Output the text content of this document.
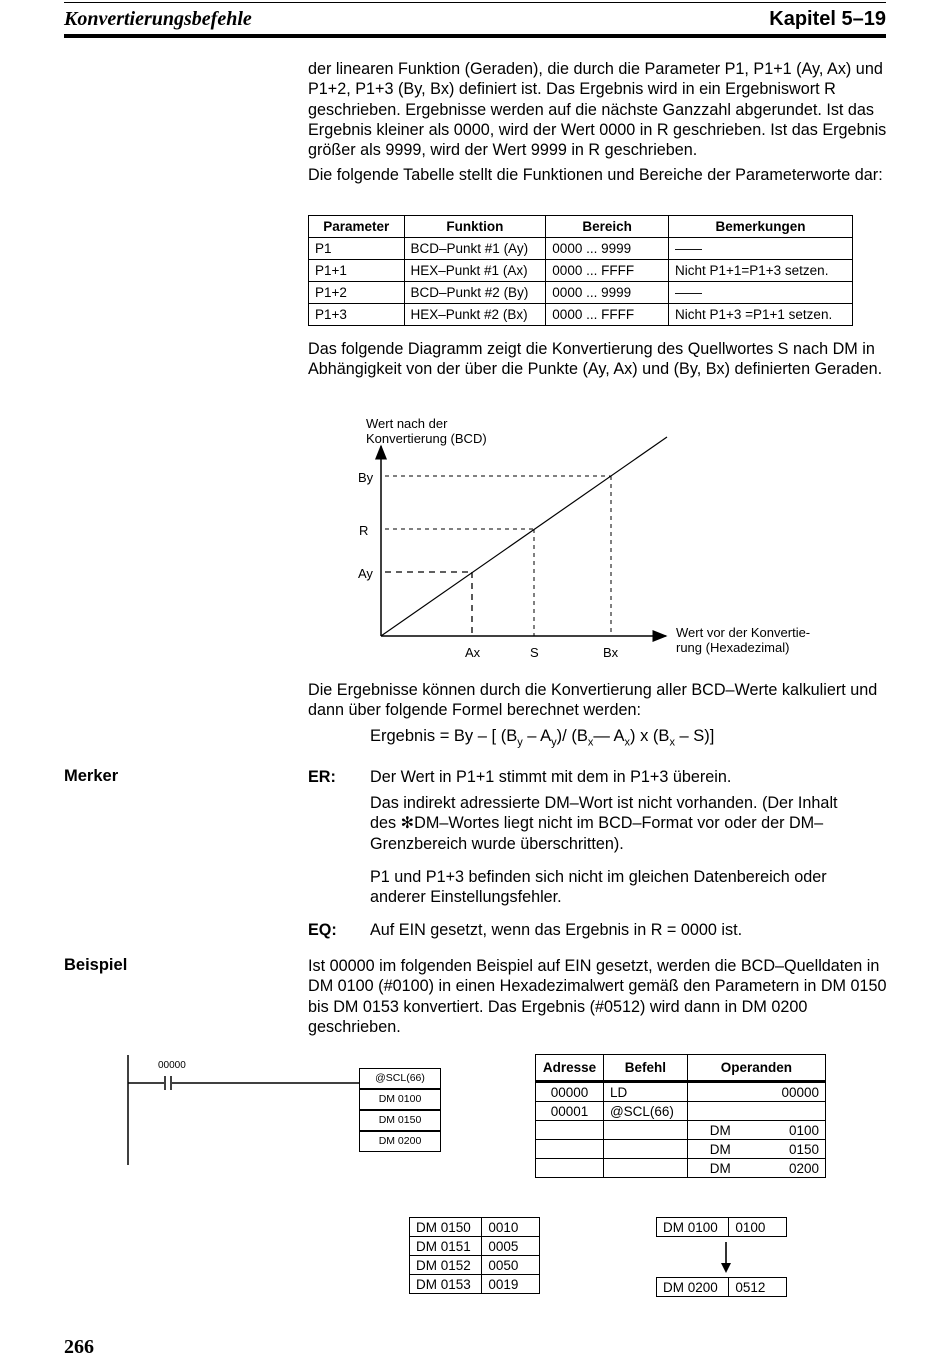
Konvertierungsbefehle	Kapitel 5–19
der linearen Funktion (Geraden), die durch die Parameter P1, P1+1 (Ay, Ax) und P1+2, P1+3 (By, Bx) definiert ist. Das Ergebnis wird in ein Ergebniswort R geschrieben. Ergebnisse werden auf die nächste Ganzzahl abgerundet. Ist das Ergebnis kleiner als 0000, wird der Wert 0000 in R geschrieben. Ist das Ergebnis größer als 9999, wird der Wert 9999 in R geschrieben.
Die folgende Tabelle stellt die Funktionen und Bereiche der Parameterworte dar:
Parameter	Funktion	Bereich	Bemerkungen
P1	BCD–Punkt #1 (Ay)	0000 ... 9999	——
P1+1	HEX–Punkt #1 (Ax)	0000 ... FFFF	Nicht P1+1=P1+3 setzen.
P1+2	BCD–Punkt #2 (By)	0000 ... 9999	——
P1+3	HEX–Punkt #2 (Bx)	0000 ... FFFF	Nicht P1+3 =P1+1 setzen.
Das folgende Diagramm zeigt die Konvertierung des Quellwortes S nach DM in Abhängigkeit von der über die Punkte (Ay, Ax) und (By, Bx) definierten Geraden.
Wert nach der
Konvertierung (BCD)
By
R
Ay
Ax	S	Bx
Wert vor der Konvertie-
rung (Hexadezimal)
Die Ergebnisse können durch die Konvertierung aller BCD–Werte kalkuliert und dann über folgende Formel berechnet werden:
Ergebnis = By – [ $(B_y - A_y)/$ ($B_x—$ $A_x$) x $(B_x - S)$]
Merker	ER: Der Wert in P1+1 stimmt mit dem in P1+3 überein.
Das indirekt adressierte DM–Wort ist nicht vorhanden. (Der Inhalt des ✻DM–Wortes liegt nicht im BCD–Format vor oder der DM–Grenzbereich wurde überschritten).
P1 und P1+3 befinden sich nicht im gleichen Datenbereich oder anderer Einstellungsfehler.
EQ: Auf EIN gesetzt, wenn das Ergebnis in R = 0000 ist.
Beispiel	Ist 00000 im folgenden Beispiel auf EIN gesetzt, werden die BCD–Quelldaten in DM 0100 (#0100) in einen Hexadezimalwert gemäß den Parametern in DM 0150 bis DM 0153 konvertiert. Das Ergebnis (#0512) wird dann in DM 0200 geschrieben.
00000
@SCL(66)
DM 0100
DM 0150
DM 0200
Adresse	Befehl	Operanden	
00000	LD		00000
00001	@SCL(66)		
		DM	0100
		DM	0150
		DM	0200
DM 0150	0010
DM 0151	0005
DM 0152	0050
DM 0153	0019
DM 0100	0100
DM 0200	0512
266
